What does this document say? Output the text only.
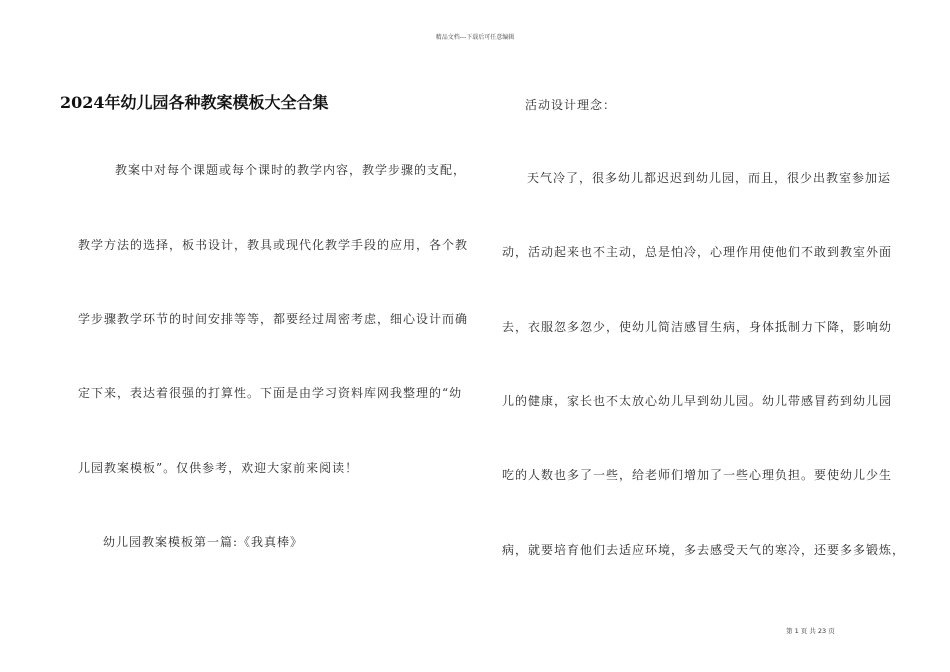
精品文档---下载后可任意编辑
2024年幼儿园各种教案模板大全合集
教案中对每个课题或每个课时的教学内容，教学步骤的支配，
教学方法的选择，板书设计，教具或现代化教学手段的应用，各个教
学步骤教学环节的时间安排等等，都要经过周密考虑，细心设计而确
定下来，表达着很强的打算性。下面是由学习资料库网我整理的“幼
儿园教案模板”。仅供参考，欢迎大家前来阅读！
幼儿园教案模板第一篇:《我真棒》
活动设计理念：
天气冷了，很多幼儿都迟迟到幼儿园，而且，很少出教室参加运
动，活动起来也不主动，总是怕冷，心理作用使他们不敢到教室外面
去，衣服忽多忽少，使幼儿简洁感冒生病，身体抵制力下降，影响幼
儿的健康，家长也不太放心幼儿早到幼儿园。幼儿带感冒药到幼儿园
吃的人数也多了一些，给老师们增加了一些心理负担。要使幼儿少生
病，就要培育他们去适应环境，多去感受天气的寒冷，还要多多锻炼，
第 1 页 共 23 页
